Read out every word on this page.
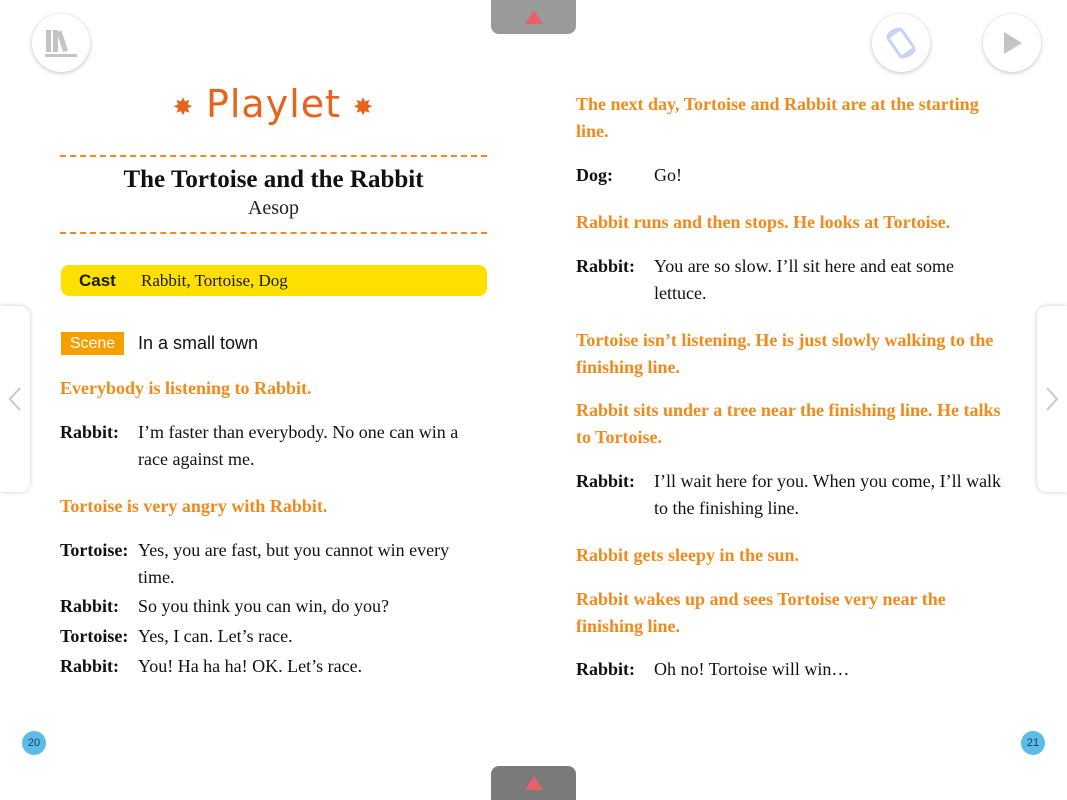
✸ Playlet ✸
The Tortoise and the Rabbit
Aesop
Cast	Rabbit, Tortoise, Dog
Scene	In a small town
Everybody is listening to Rabbit.
Rabbit:	I’m faster than everybody. No one can win a race against me.
Tortoise is very angry with Rabbit.
Tortoise: Yes, you are fast, but you cannot win every time.
Rabbit:	So you think you can win, do you?
Tortoise: Yes, I can. Let’s race.
Rabbit:	You! Ha ha ha! OK. Let’s race.
20
The next day, Tortoise and Rabbit are at the starting line.
Dog:	Go!
Rabbit runs and then stops. He looks at Tortoise.
Rabbit:	You are so slow. I’ll sit here and eat some lettuce.
Tortoise isn’t listening. He is just slowly walking to the finishing line.
Rabbit sits under a tree near the finishing line. He talks to Tortoise.
Rabbit:	I’ll wait here for you. When you come, I’ll walk to the finishing line.
Rabbit gets sleepy in the sun.
Rabbit wakes up and sees Tortoise very near the finishing line.
Rabbit:	Oh no! Tortoise will win…
21
